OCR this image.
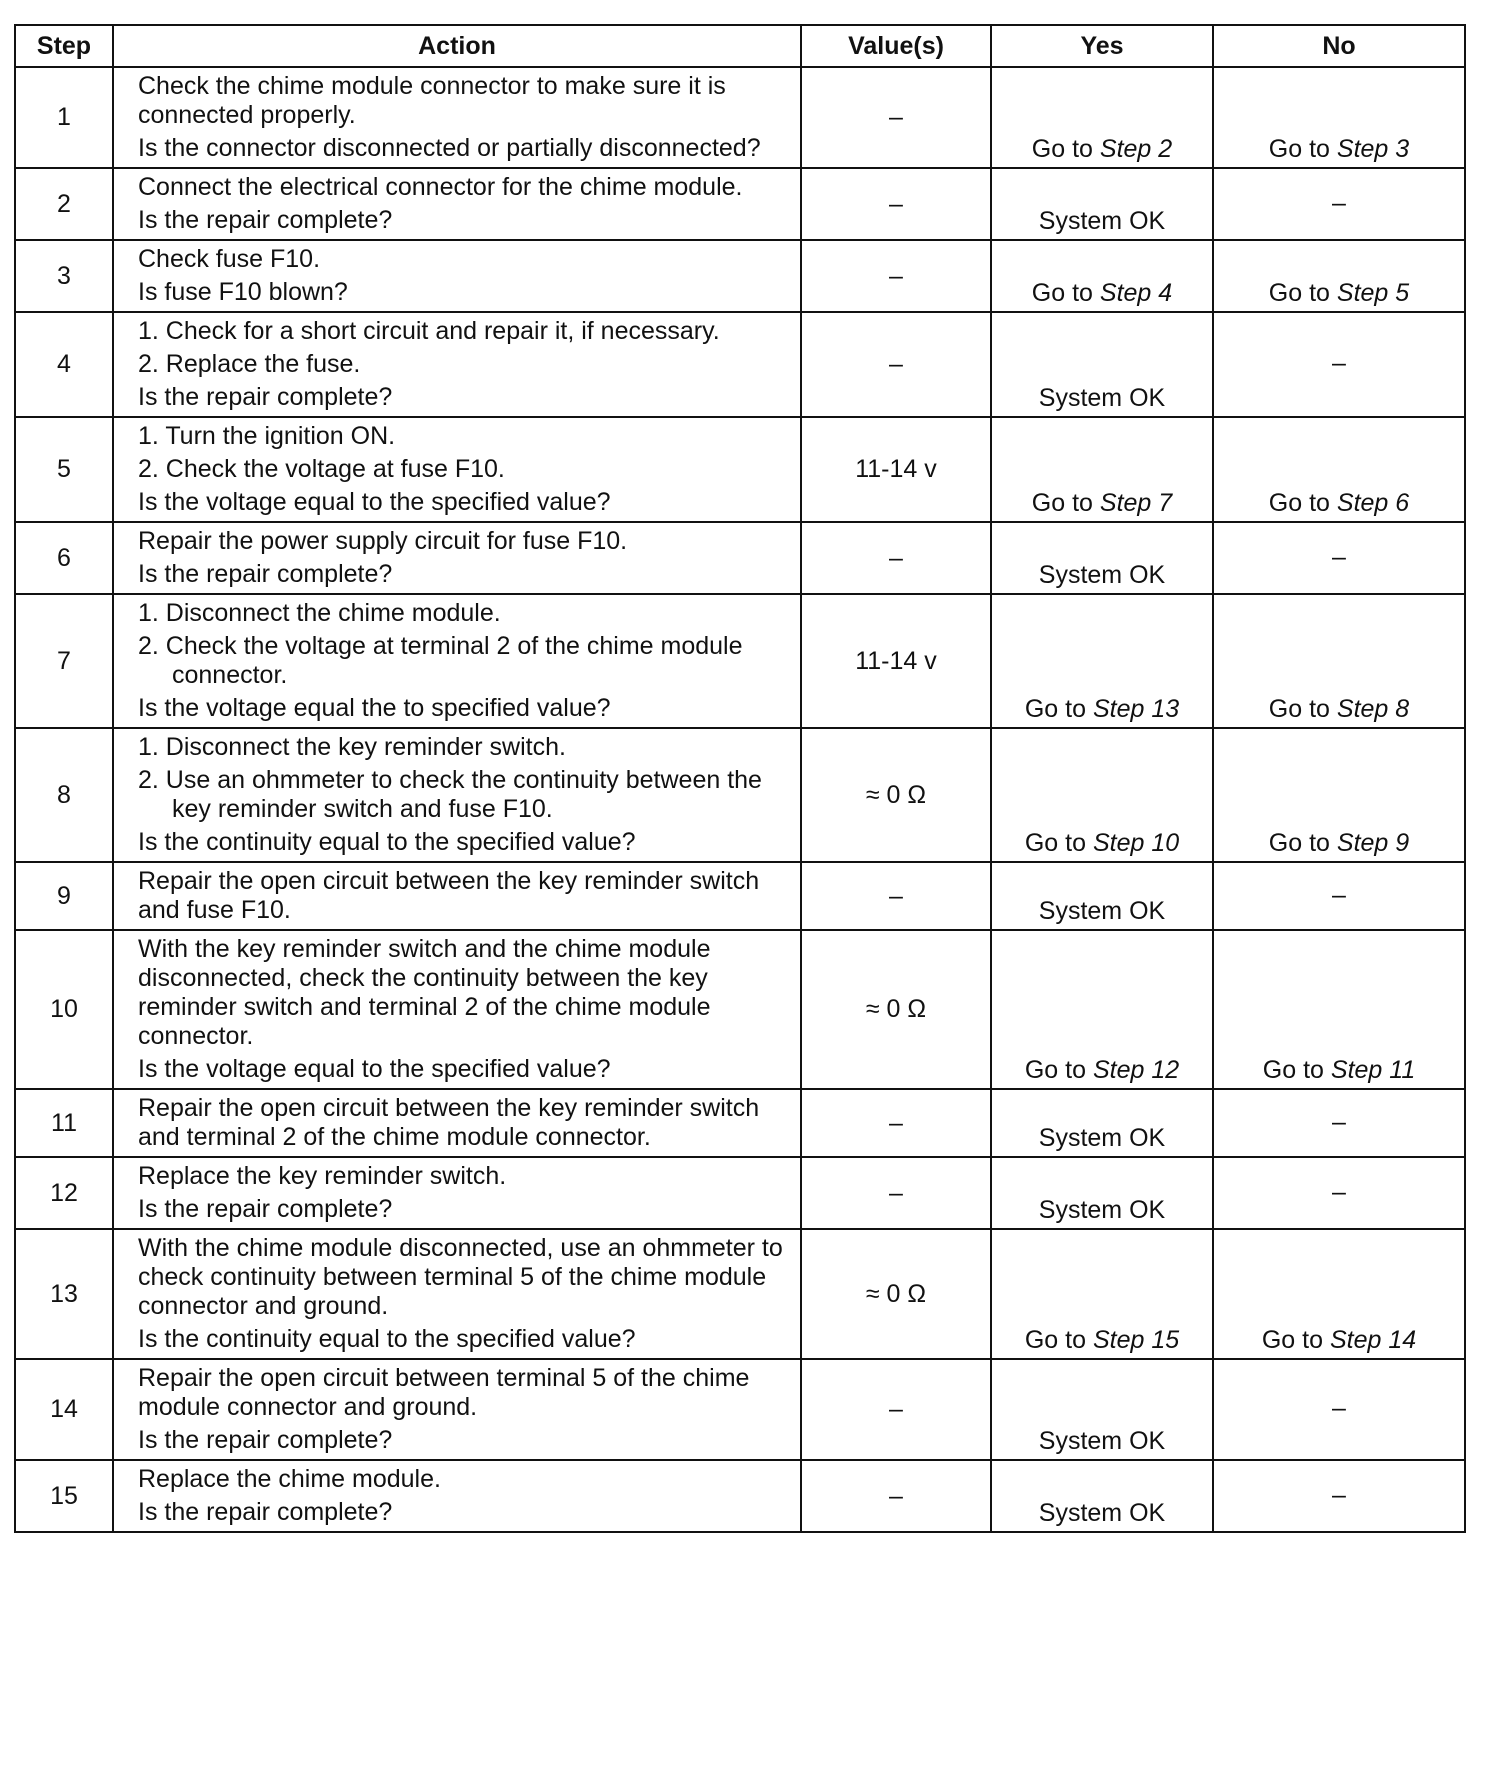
Step	Action	Value(s)	Yes	No
1	Check the chime module connector to make sure it is connected properly.
Is the connector disconnected or partially disconnected?	–	Go to Step 2	Go to Step 3
2	Connect the electrical connector for the chime module.
Is the repair complete?	–	System OK	–
3	Check fuse F10.
Is fuse F10 blown?	–	Go to Step 4	Go to Step 5
4	1. Check for a short circuit and repair it, if necessary.
2. Replace the fuse.
Is the repair complete?	–	System OK	–
5	1. Turn the ignition ON.
2. Check the voltage at fuse F10.
Is the voltage equal to the specified value?	11-14 v	Go to Step 7	Go to Step 6
6	Repair the power supply circuit for fuse F10.
Is the repair complete?	–	System OK	–
7	1. Disconnect the chime module.
2. Check the voltage at terminal 2 of the chime module connector.
Is the voltage equal the to specified value?	11-14 v	Go to Step 13	Go to Step 8
8	1. Disconnect the key reminder switch.
2. Use an ohmmeter to check the continuity between the key reminder switch and fuse F10.
Is the continuity equal to the specified value?	≈ 0 Ω	Go to Step 10	Go to Step 9
9	Repair the open circuit between the key reminder switch and fuse F10.	–	System OK	–
10	With the key reminder switch and the chime module disconnected, check the continuity between the key reminder switch and terminal 2 of the chime module connector.
Is the voltage equal to the specified value?	≈ 0 Ω	Go to Step 12	Go to Step 11
11	Repair the open circuit between the key reminder switch and terminal 2 of the chime module connector.	–	System OK	–
12	Replace the key reminder switch.
Is the repair complete?	–	System OK	–
13	With the chime module disconnected, use an ohmmeter to check continuity between terminal 5 of the chime module connector and ground.
Is the continuity equal to the specified value?	≈ 0 Ω	Go to Step 15	Go to Step 14
14	Repair the open circuit between terminal 5 of the chime module connector and ground.
Is the repair complete?	–	System OK	–
15	Replace the chime module.
Is the repair complete?	–	System OK	–
